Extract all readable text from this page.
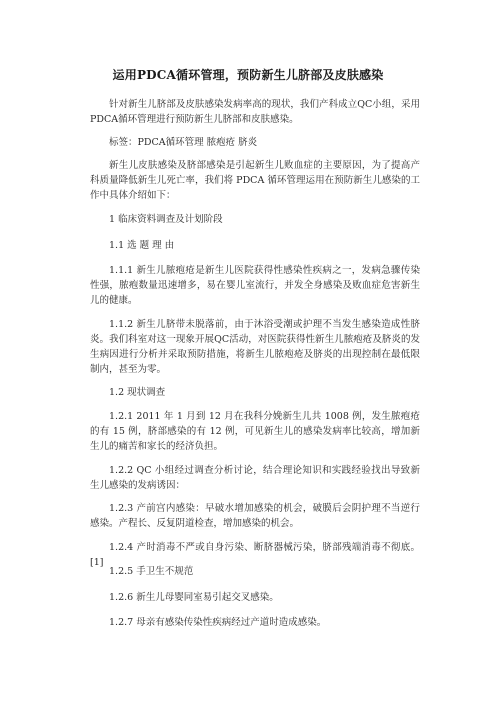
运用PDCA循环管理，预防新生儿脐部及皮肤感染

针对新生儿脐部及皮肤感染发病率高的现状，我们产科成立QC小组，采用PDCA循环管理进行预防新生儿脐部和皮肤感染。

标签：PDCA循环管理 脓疱疮 脐炎

新生儿皮肤感染及脐部感染是引起新生儿败血症的主要原因，为了提高产科质量降低新生儿死亡率，我们将 PDCA 循环管理运用在预防新生儿感染的工作中具体介绍如下：

1 临床资料调查及计划阶段

1.1 选 题 理 由

1.1.1 新生儿脓疱疮是新生儿医院获得性感染性疾病之一，发病急骤传染性强，脓疱数量迅速增多，易在婴儿室流行，并发全身感染及败血症危害新生儿的健康。

1.1.2 新生儿脐带未脱落前，由于沐浴受潮或护理不当发生感染造成性脐炎。我们科室对这一现象开展QC活动，对医院获得性新生儿脓疱疮及脐炎的发生病因进行分析并采取预防措施，将新生儿脓疱疮及脐炎的出现控制在最低限制内，甚至为零。

1.2 现状调查

1.2.1 2011 年 1 月到 12 月在我科分娩新生儿共 1008 例，发生脓疱疮的有 15 例，脐部感染的有 12 例，可见新生儿的感染发病率比较高，增加新生儿的痛苦和家长的经济负担。

1.2.2 QC 小组经过调查分析讨论，结合理论知识和实践经验找出导致新生儿感染的发病诱因：

1.2.3 产前宫内感染：早破水增加感染的机会，破膜后会阴护理不当逆行感染。产程长、反复阴道检查，增加感染的机会。

1.2.4 产时消毒不严或自身污染、断脐器械污染，脐部残端消毒不彻底。[1]

1.2.5 手卫生不规范

1.2.6 新生儿母婴同室易引起交叉感染。

1.2.7 母亲有感染传染性疾病经过产道时造成感染。
